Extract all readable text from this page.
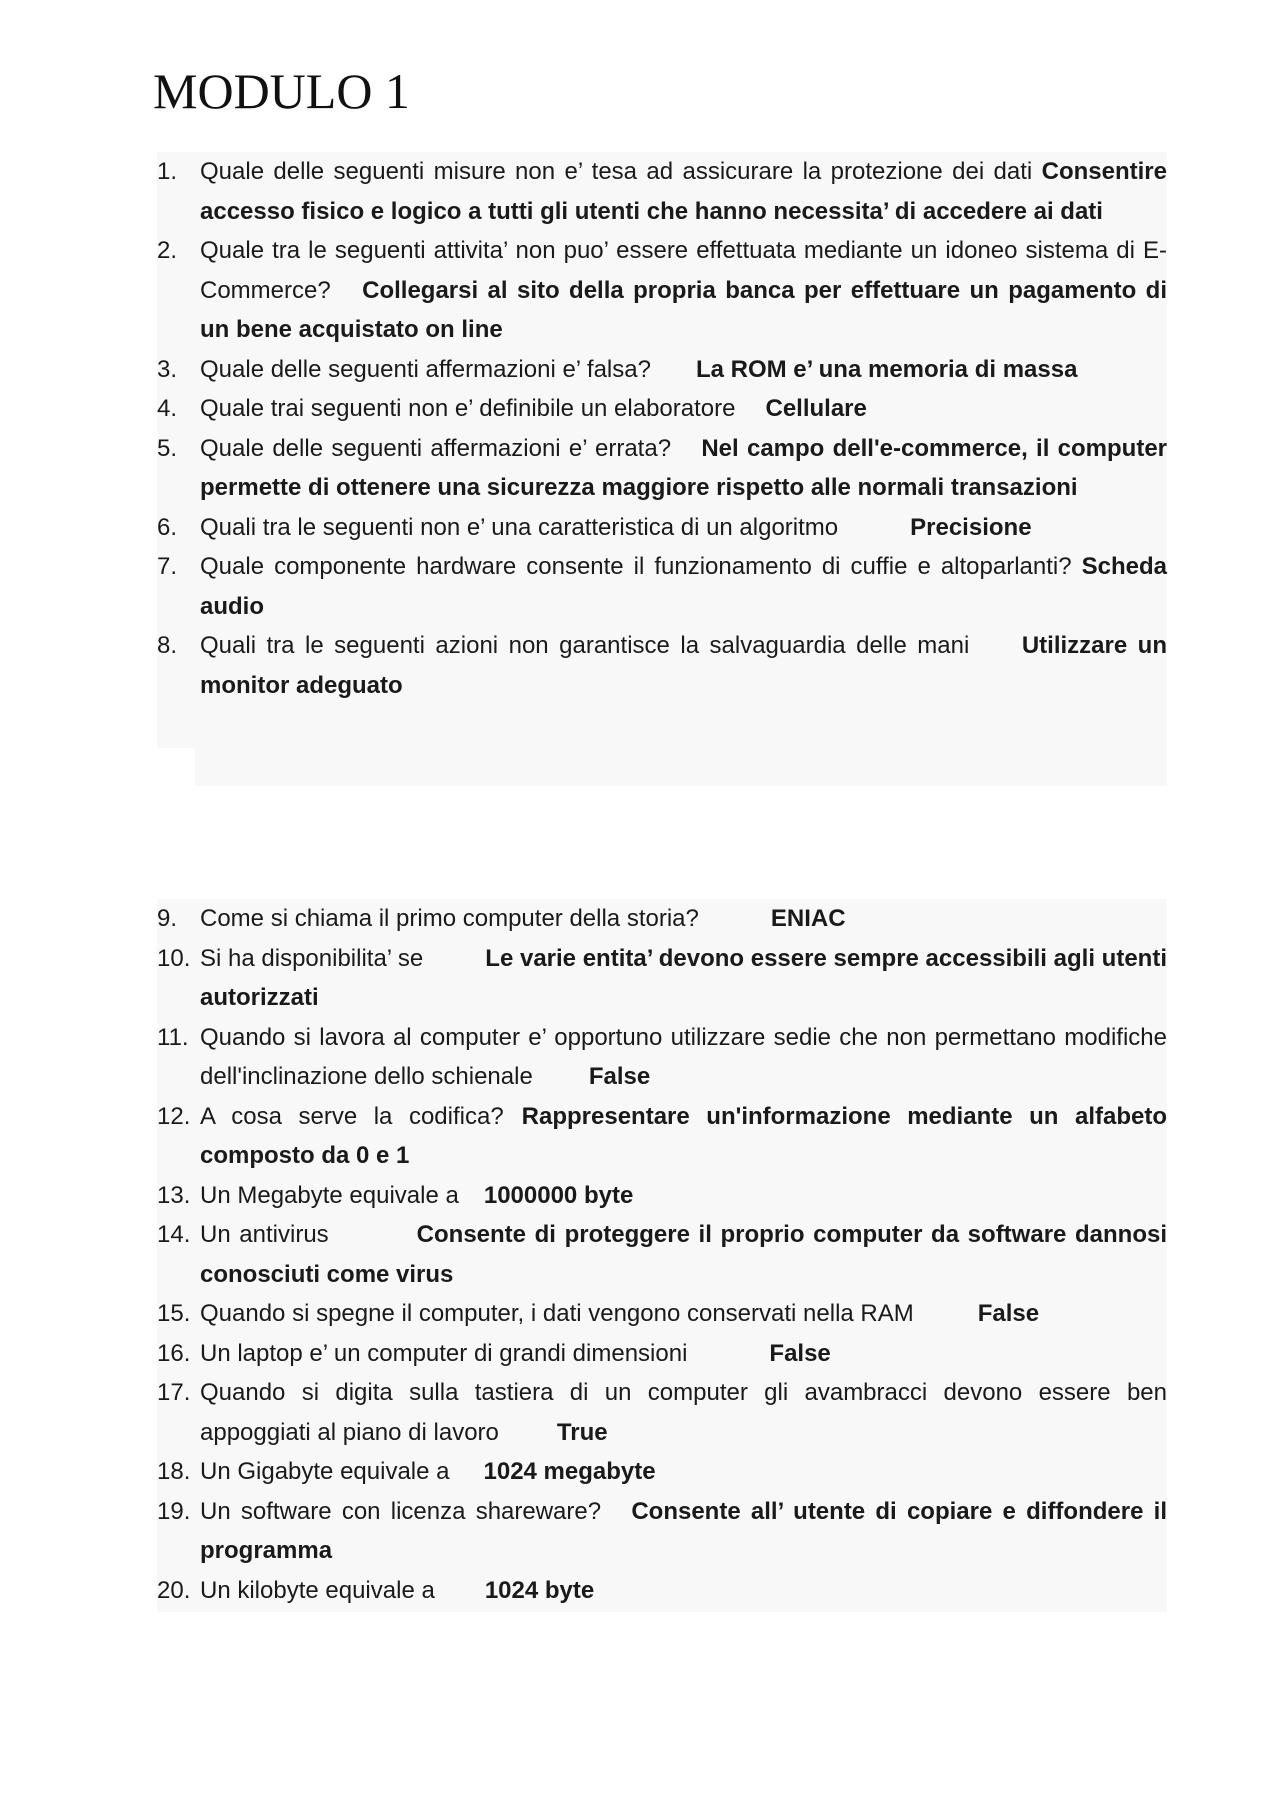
MODULO 1
1. Quale delle seguenti misure non e’ tesa ad assicurare la protezione dei dati Consentire accesso fisico e logico a tutti gli utenti che hanno necessita’ di accedere ai dati
2. Quale tra le seguenti attivita’ non puo’ essere effettuata mediante un idoneo sistema di E-Commerce? Collegarsi al sito della propria banca per effettuare un pagamento di un bene acquistato on line
3. Quale delle seguenti affermazioni e’ falsa? La ROM e’ una memoria di massa
4. Quale trai seguenti non e’ definibile un elaboratore Cellulare
5. Quale delle seguenti affermazioni e’ errata? Nel campo dell'e-commerce, il computer permette di ottenere una sicurezza maggiore rispetto alle normali transazioni
6. Quali tra le seguenti non e’ una caratteristica di un algoritmo	Precisione
7. Quale componente hardware consente il funzionamento di cuffie e altoparlanti? Scheda audio
8. Quali tra le seguenti azioni non garantisce la salvaguardia delle mani Utilizzare un monitor adeguato
9. Come si chiama il primo computer della storia?	ENIAC
10. Si ha disponibilita’ se	Le varie entita’ devono essere sempre accessibili agli utenti autorizzati
11. Quando si lavora al computer e’ opportuno utilizzare sedie che non permettano modifiche dell'inclinazione dello schienale False
12. A cosa serve la codifica? Rappresentare un'informazione mediante un alfabeto composto da 0 e 1
13. Un Megabyte equivale a 1000000 byte
14. Un antivirus	Consente di proteggere il proprio computer da software dannosi conosciuti come virus
15. Quando si spegne il computer, i dati vengono conservati nella RAM	False
16. Un laptop e’ un computer di grandi dimensioni	False
17. Quando si digita sulla tastiera di un computer gli avambracci devono essere ben appoggiati al piano di lavoro True
18. Un Gigabyte equivale a 1024 megabyte
19. Un software con licenza shareware? Consente all’ utente di copiare e diffondere il programma
20. Un kilobyte equivale a 1024 byte
